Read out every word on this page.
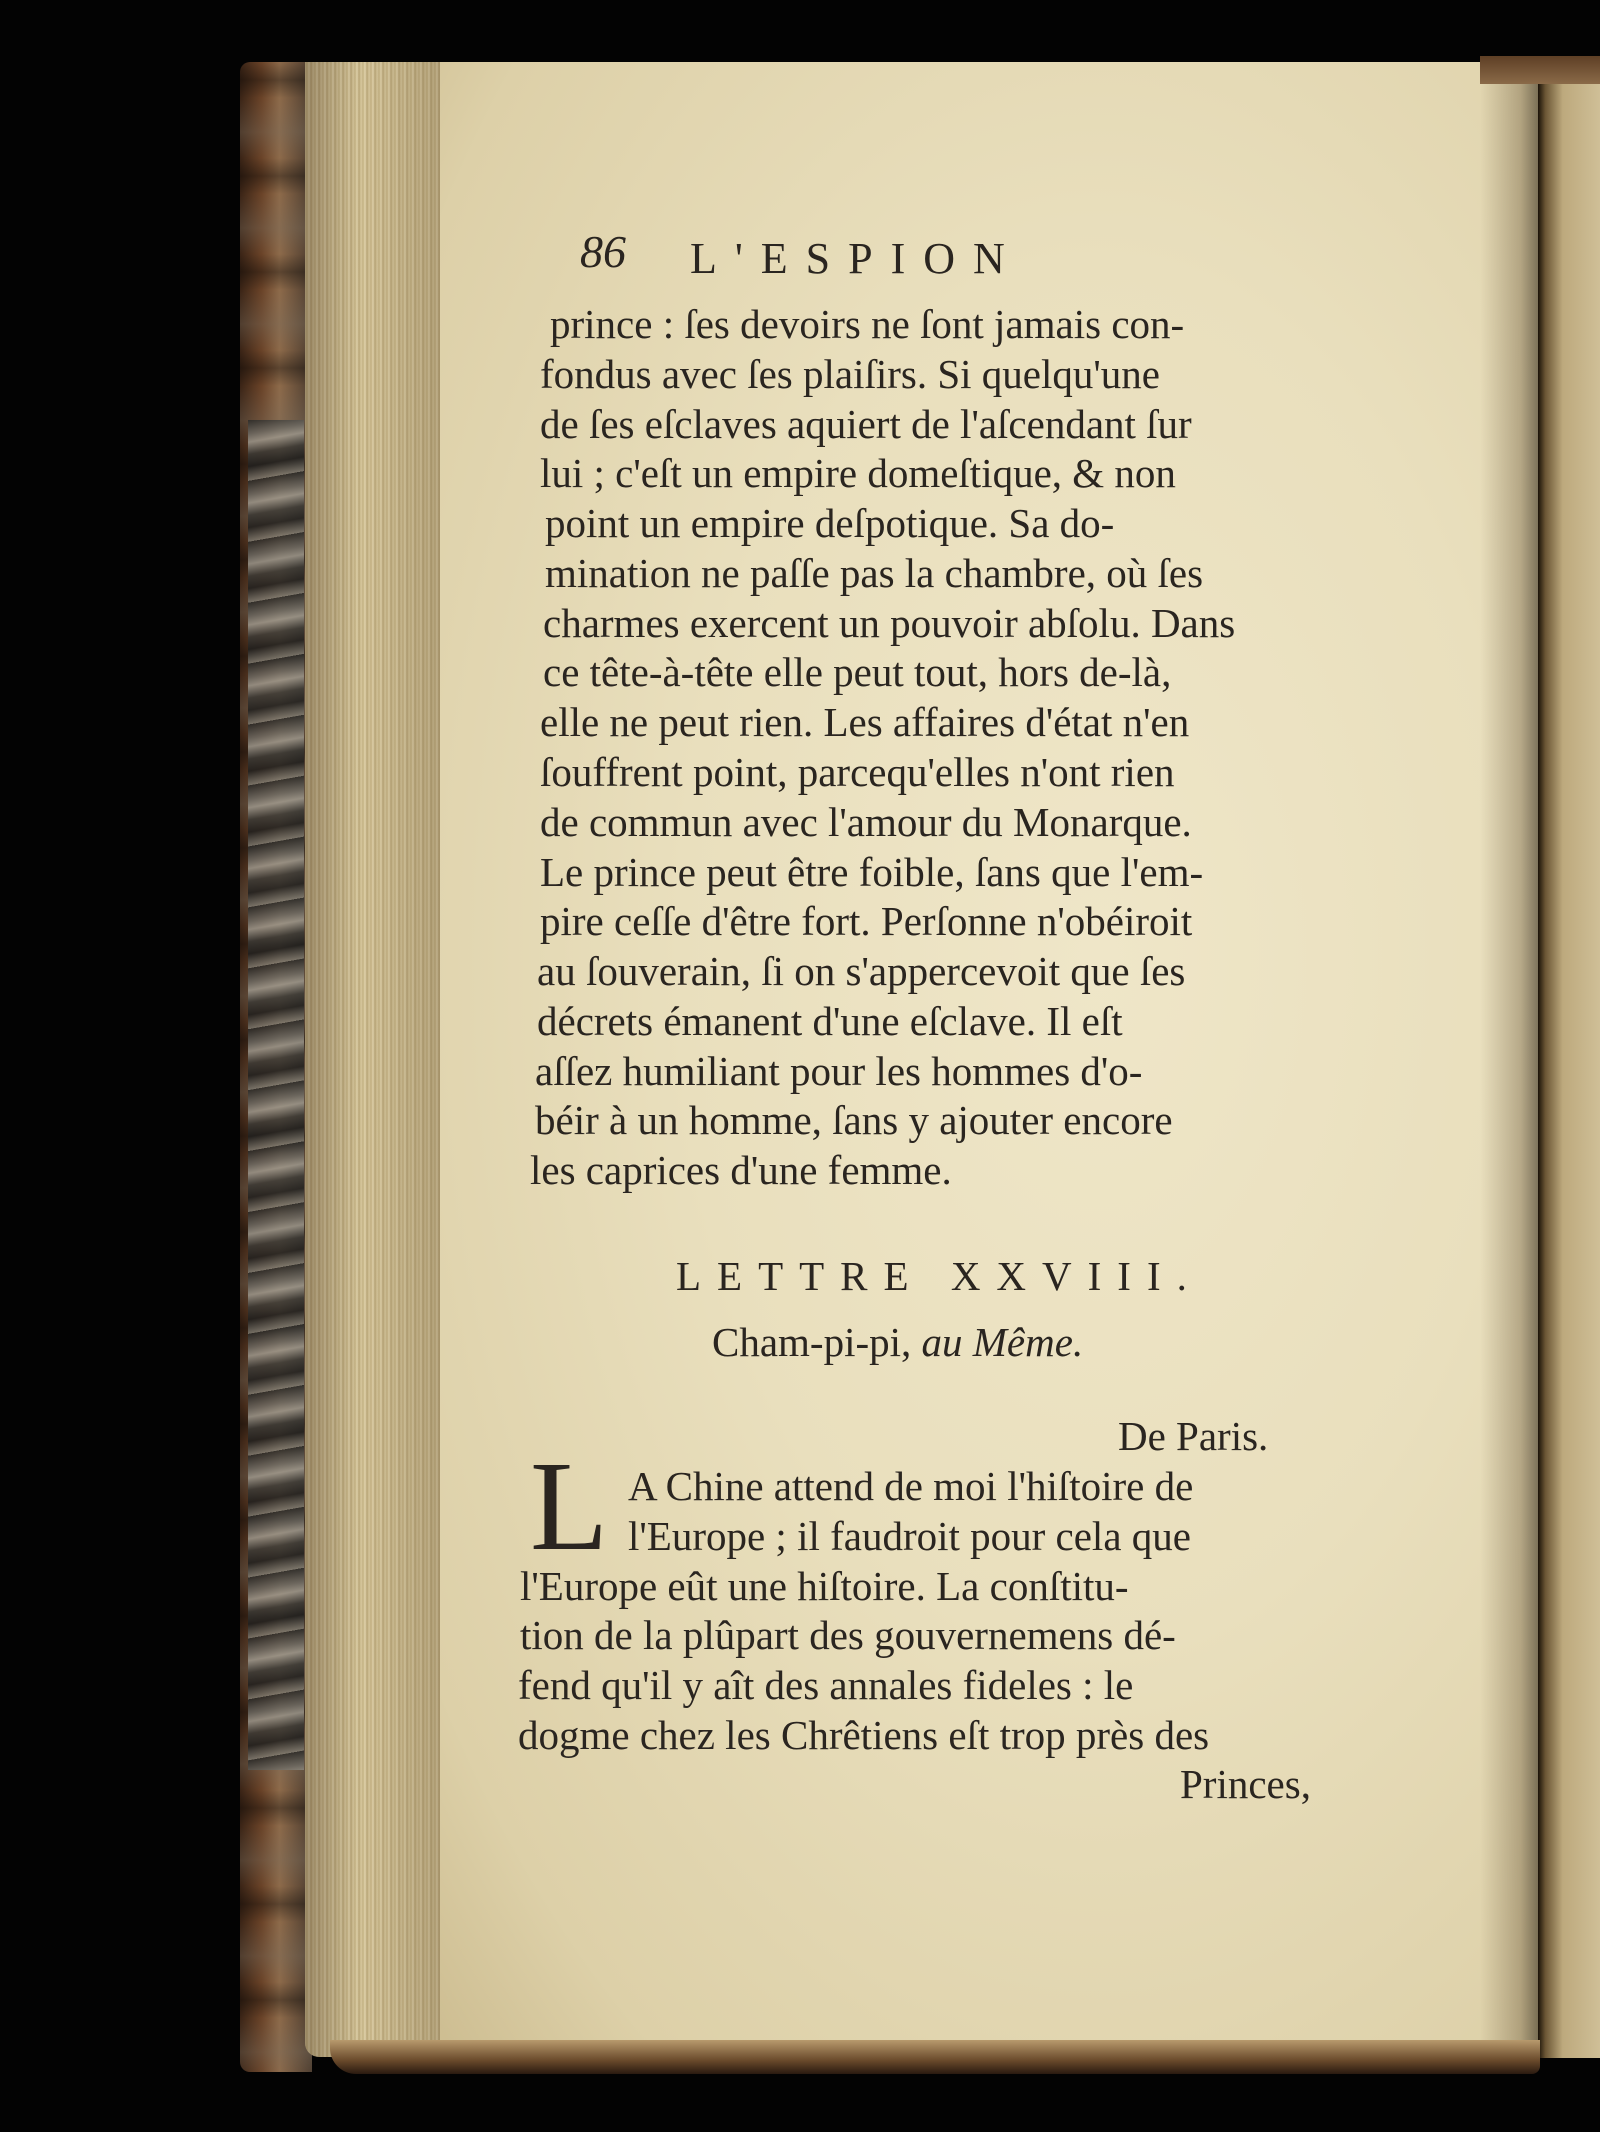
86 L'ESPION
prince : ſes devoirs ne ſont jamais con-
fondus avec ſes plaiſirs. Si quelqu'une
de ſes eſclaves aquiert de l'aſcendant ſur
lui ; c'eſt un empire domeſtique, & non
point un empire deſpotique. Sa do-
mination ne paſſe pas la chambre, où ſes
charmes exercent un pouvoir abſolu. Dans
ce tête-à-tête elle peut tout, hors de-là,
elle ne peut rien. Les affaires d'état n'en
ſouffrent point, parcequ'elles n'ont rien
de commun avec l'amour du Monarque.
Le prince peut être foible, ſans que l'em-
pire ceſſe d'être fort. Perſonne n'obéiroit
au ſouverain, ſi on s'appercevoit que ſes
décrets émanent d'une eſclave. Il eſt
aſſez humiliant pour les hommes d'o-
béir à un homme, ſans y ajouter encore
les caprices d'une femme.
LETTRE XXVIII.
Cham-pi-pi, au Même.
De Paris.
L A Chine attend de moi l'hiſtoire de
l'Europe ; il faudroit pour cela que
l'Europe eût une hiſtoire. La conſtitu-
tion de la plûpart des gouvernemens dé-
fend qu'il y aît des annales fideles : le
dogme chez les Chrêtiens eſt trop près des
Princes,
